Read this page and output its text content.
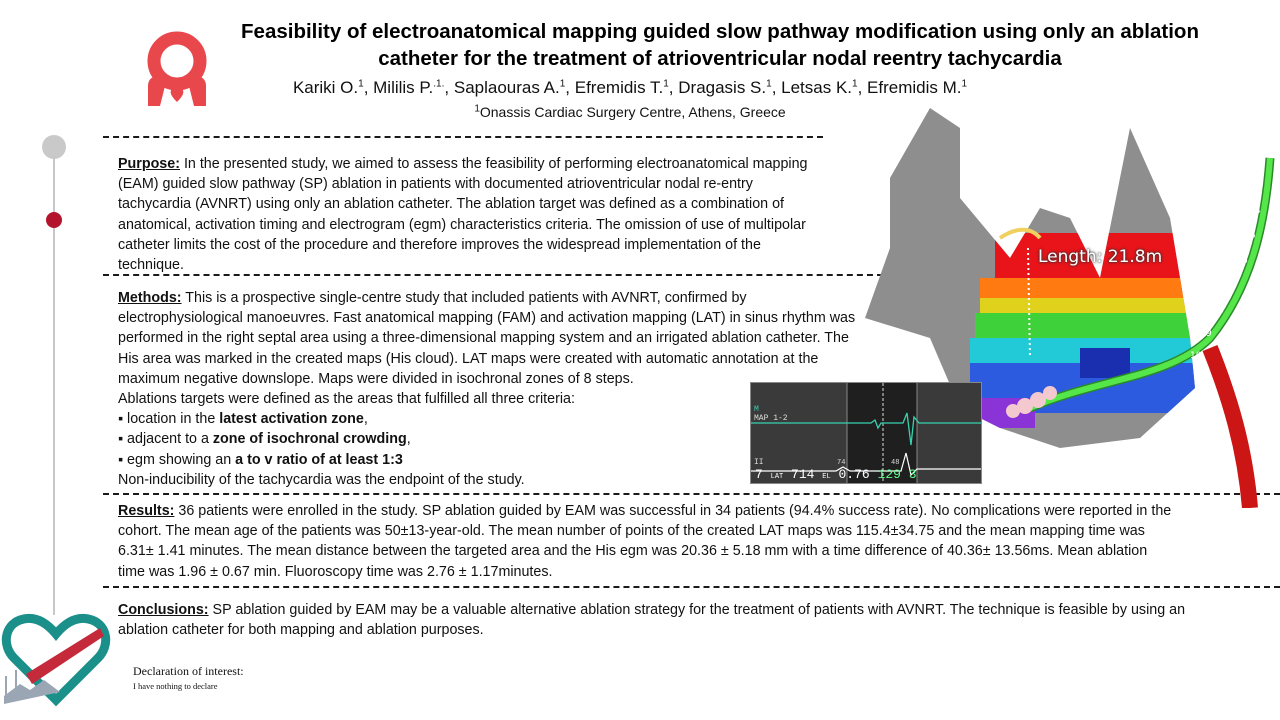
Feasibility of electroanatomical mapping guided slow pathway modification using only an ablation
catheter for the treatment of atrioventricular nodal reentry tachycardia
Kariki O.$^1$, Mililis P.$^{.1.}$, Saplaouras A.$^1$, Efremidis T.$^1$, Dragasis S.$^1$, Letsas K.$^1$, Efremidis M.$^1$
$^1$Onassis Cardiac Surgery Centre, Athens, Greece
4
5
6
7
8
9
10
Length: 21.8m
Purpose: In the presented study, we aimed to assess the feasibility of performing electroanatomical mapping
(EAM) guided slow pathway (SP) ablation in patients with documented atrioventricular nodal re-entry
tachycardia (AVNRT) using only an ablation catheter. The ablation target was defined as a combination of
anatomical, activation timing and electrogram (egm) characteristics criteria. The omission of use of multipolar
catheter limits the cost of the procedure and therefore improves the widespread implementation of the
technique.
Methods: This is a prospective single-centre study that included patients with AVNRT, confirmed by
electrophysiological manoeuvres. Fast anatomical mapping (FAM) and activation mapping (LAT) in sinus rhythm was
performed in the right septal area using a three-dimensional mapping system and an irrigated ablation catheter. The
His area was marked in the created maps (His cloud). LAT maps were created with automatic annotation at the
maximum negative downslope. Maps were divided in isochronal zones of 8 steps.
Ablations targets were defined as the areas that fulfilled all three criteria:
▪ location in the latest activation zone,
▪ adjacent to a zone of isochronal crowding,
▪ egm showing an a to v ratio of at least 1:3
Non-inducibility of the tachycardia was the endpoint of the study.
M
MAP 1-2
II	74	48
7 LAT 714 EL 0.76 129 3
Results: 36 patients were enrolled in the study. SP ablation guided by EAM was successful in 34 patients (94.4% success rate). No complications were reported in the
cohort. The mean age of the patients was 50±13-year-old. The mean number of points of the created LAT maps was 115.4±34.75 and the mean mapping time was
6.31± 1.41 minutes. The mean distance between the targeted area and the His egm was 20.36 ± 5.18 mm with a time difference of 40.36± 13.56ms. Mean ablation
time was 1.96 ± 0.67 min. Fluoroscopy time was 2.76 ± 1.17minutes.
Conclusions: SP ablation guided by EAM may be a valuable alternative ablation strategy for the treatment of patients with AVNRT. The technique is feasible by using an
ablation catheter for both mapping and ablation purposes.
Declaration of interest:
I have nothing to declare
